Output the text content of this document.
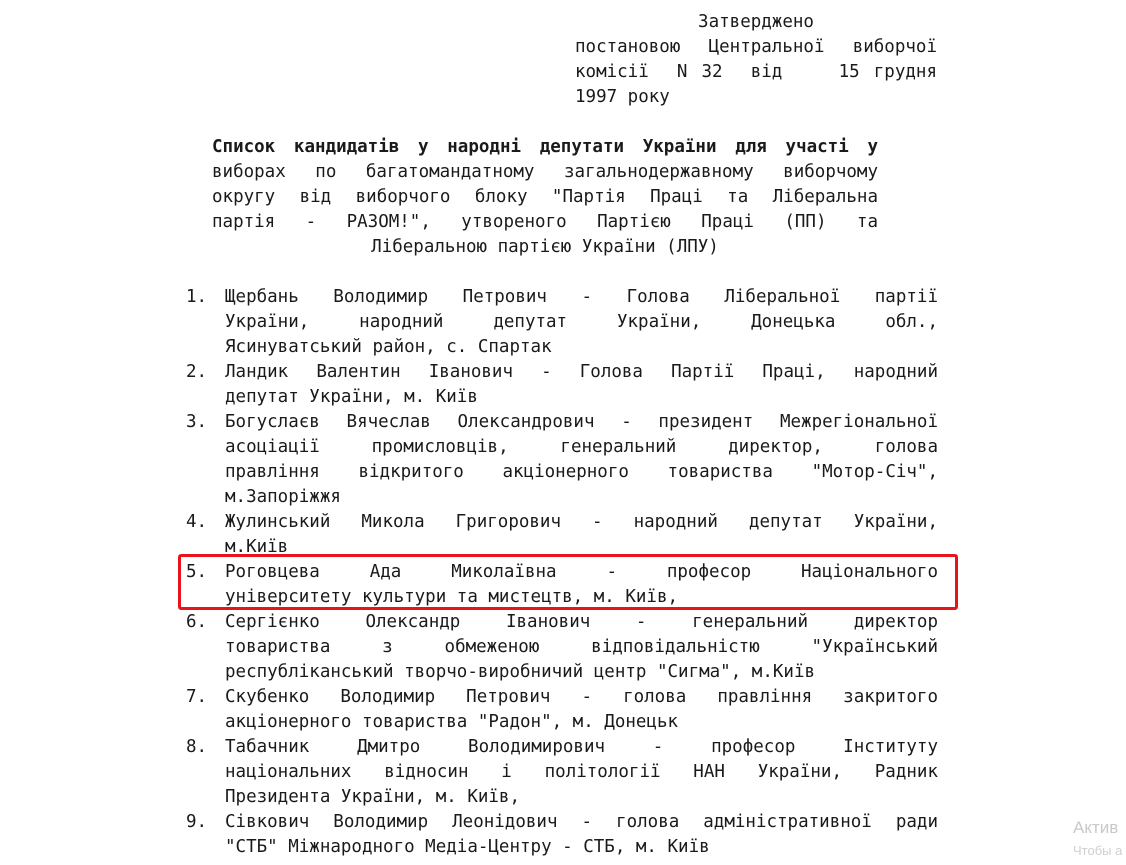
Затверджено
постановою Центральної виборчої
комісії  N 32  від    15 грудня
1997 року
Список кандидатів у народні депутати України для участі у
виборах по багатомандатному загальнодержавному виборчому
округу від виборчого блоку "Партія Праці та Ліберальна
партія - РАЗОМ!", утвореного Партією Праці (ПП) та
Ліберальною партією України (ЛПУ)
1. Щербань Володимир Петрович - Голова Ліберальної партії
України, народний депутат України, Донецька обл.,
Ясинуватський район, с. Спартак
2. Ландик Валентин Іванович - Голова Партії Праці, народний
депутат України, м. Київ
3. Богуслаєв Вячеслав Олександрович - президент Межрегіональної
асоціації промисловців, генеральний директор, голова
правління відкритого акціонерного товариства "Мотор-Січ",
м.Запоріжжя
4. Жулинський Микола Григорович - народний депутат України,
м.Київ
5. Роговцева Ада Миколаївна - професор Національного
університету культури та мистецтв, м. Київ,
6. Сергієнко Олександр Іванович - генеральний директор
товариства з обмеженою відповідальністю "Український
республіканський творчо-виробничий центр "Сигма", м.Київ
7. Скубенко Володимир Петрович - голова правління закритого
акціонерного товариства "Радон", м. Донецьк
8. Табачник Дмитро Володимирович - професор Інституту
національних відносин і політології НАН України, Радник
Президента України, м. Київ,
9. Сівкович Володимир Леонідович - голова адміністративної ради
"СТБ" Міжнародного Медіа-Центру - СТБ, м. Київ
Актив
Чтобы а
